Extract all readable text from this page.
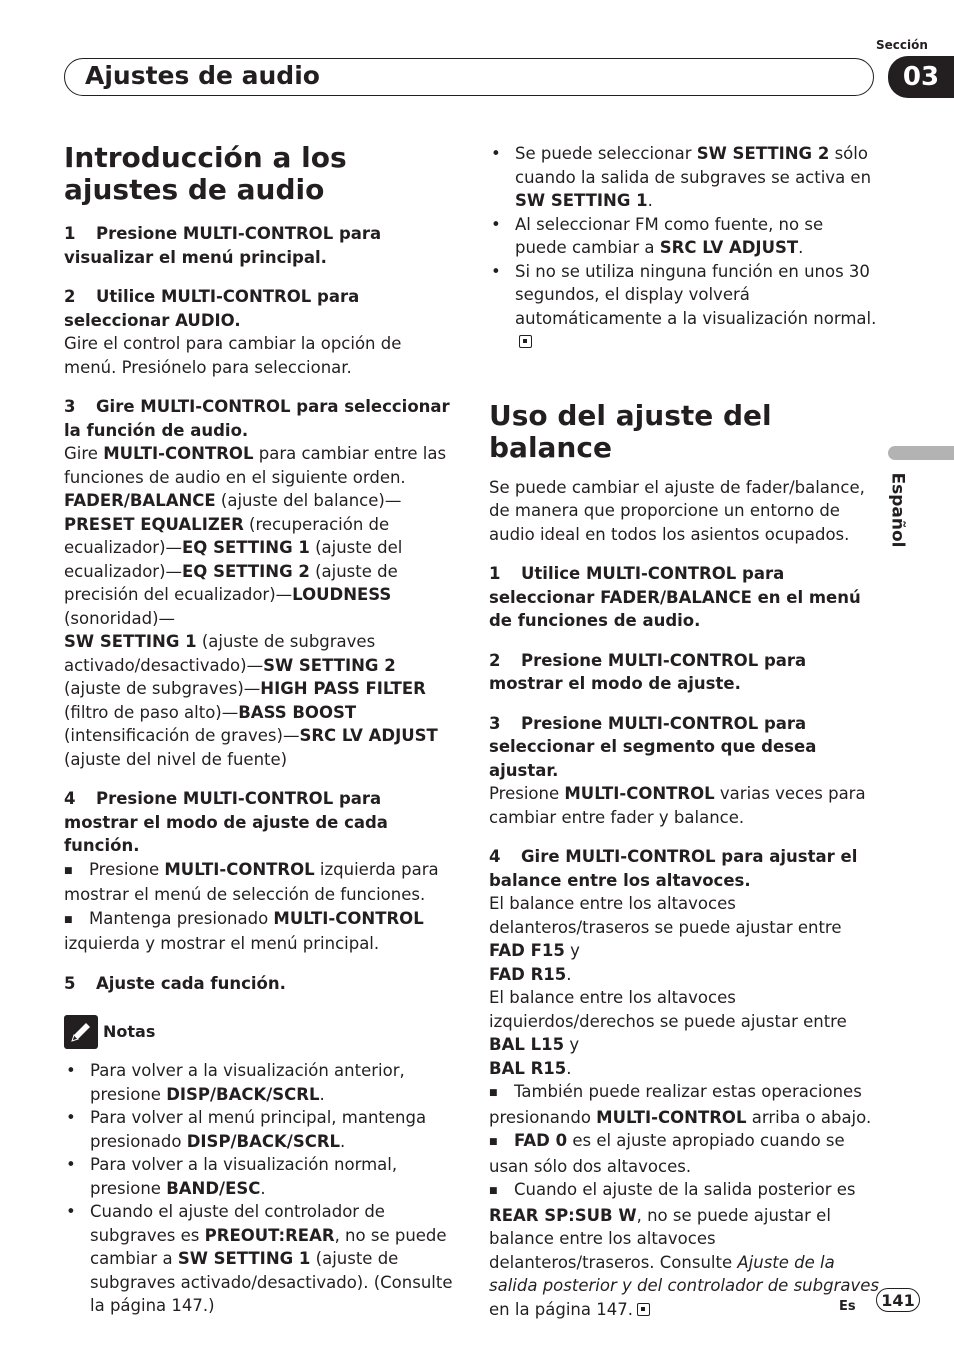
Sección
Ajustes de audio	03
Español
Introducción a los ajustes de audio

1 Presione MULTI-CONTROL para visualizar el menú principal.

2 Utilice MULTI-CONTROL para seleccionar AUDIO.

Gire el control para cambiar la opción de menú. Presiónelo para seleccionar.

3 Gire MULTI-CONTROL para seleccionar la función de audio.

Gire MULTI-CONTROL para cambiar entre las funciones de audio en el siguiente orden.
FADER/BALANCE (ajuste del balance)—
PRESET EQUALIZER (recuperación de ecualizador)—EQ SETTING 1 (ajuste del ecualizador)—EQ SETTING 2 (ajuste de precisión del ecualizador)—LOUDNESS (sonoridad)—
SW SETTING 1 (ajuste de subgraves activado/desactivado)—SW SETTING 2 (ajuste de subgraves)—HIGH PASS FILTER (filtro de paso alto)—BASS BOOST (intensificación de graves)—SRC LV ADJUST (ajuste del nivel de fuente)

4 Presione MULTI-CONTROL para mostrar el modo de ajuste de cada función.

■ Presione MULTI-CONTROL izquierda para mostrar el menú de selección de funciones.

■ Mantenga presionado MULTI-CONTROL izquierda y mostrar el menú principal.

5 Ajuste cada función.

Notas
• Para volver a la visualización anterior, presione DISP/BACK/SCRL.
• Para volver al menú principal, mantenga presionado DISP/BACK/SCRL.
• Para volver a la visualización normal, presione BAND/ESC.
• Cuando el ajuste del controlador de subgraves es PREOUT:REAR, no se puede cambiar a SW SETTING 1 (ajuste de subgraves activado/desactivado). (Consulte la página 147.)
• Se puede seleccionar SW SETTING 2 sólo cuando la salida de subgraves se activa en SW SETTING 1.
• Al seleccionar FM como fuente, no se puede cambiar a SRC LV ADJUST.
• Si no se utiliza ninguna función en unos 30 segundos, el display volverá automáticamente a la visualización normal.
Uso del ajuste del balance

Se puede cambiar el ajuste de fader/balance, de manera que proporcione un entorno de audio ideal en todos los asientos ocupados.

1 Utilice MULTI-CONTROL para seleccionar FADER/BALANCE en el menú de funciones de audio.

2 Presione MULTI-CONTROL para mostrar el modo de ajuste.

3 Presione MULTI-CONTROL para seleccionar el segmento que desea ajustar.

Presione MULTI-CONTROL varias veces para cambiar entre fader y balance.

4 Gire MULTI-CONTROL para ajustar el balance entre los altavoces.

El balance entre los altavoces delanteros/traseros se puede ajustar entre FAD F15 y
FAD R15.

El balance entre los altavoces izquierdos/derechos se puede ajustar entre BAL L15 y
BAL R15.

■ También puede realizar estas operaciones presionando MULTI-CONTROL arriba o abajo.

■ FAD 0 es el ajuste apropiado cuando se usan sólo dos altavoces.

■ Cuando el ajuste de la salida posterior es REAR SP:SUB W, no se puede ajustar el balance entre los altavoces delanteros/traseros. Consulte Ajuste de la salida posterior y del controlador de subgraves en la página 147.	Es	141
